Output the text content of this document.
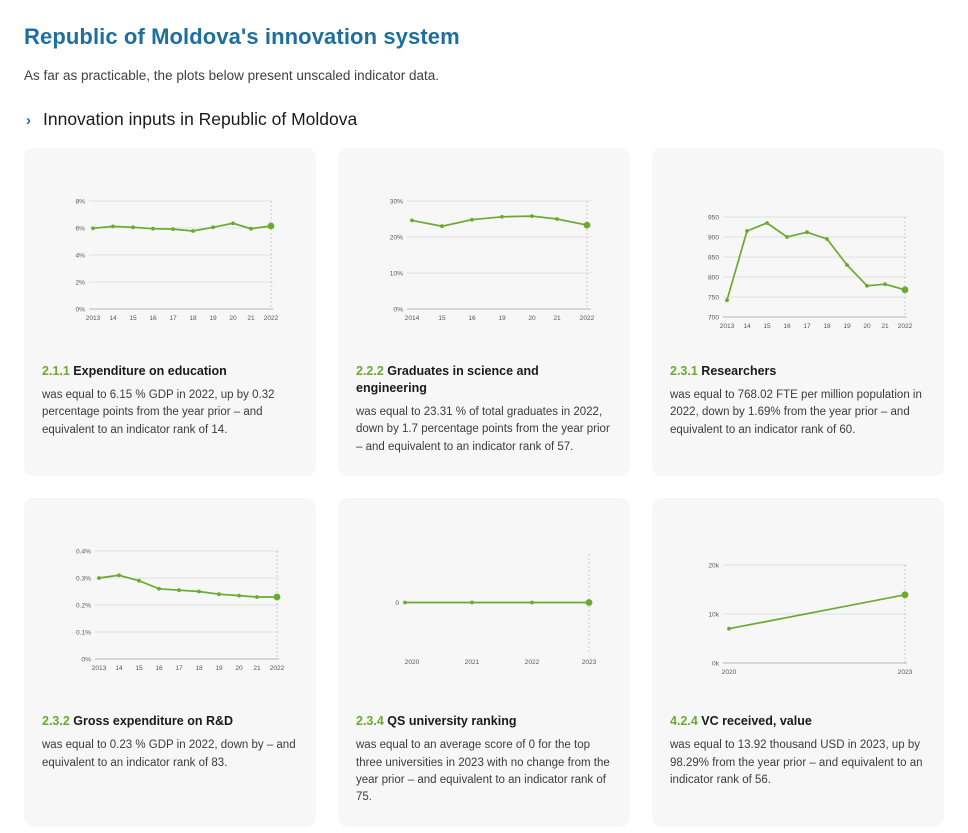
Republic of Moldova's innovation system

As far as practicable, the plots below present unscaled indicator data.

› Innovation inputs in Republic of Moldova
8%
6%
4%
2%
0%
2013 14 15 16 17 18 19 20 21 2022
2.1.1 Expenditure on education
was equal to 6.15 % GDP in 2022, up by 0.32 percentage points from the year prior – and equivalent to an indicator rank of 14.
30%
20%
10%
0%
2014	15	16	19	20	21	2022
2.2.2 Graduates in science and engineering
was equal to 23.31 % of total graduates in 2022, down by 1.7 percentage points from the year prior – and equivalent to an indicator rank of 57.
950
900
850
800
750
700
2013 14 15 16 17 18 19 20 21 2022
2.3.1 Researchers
was equal to 768.02 FTE per million population in 2022, down by 1.69% from the year prior – and equivalent to an indicator rank of 60.
0.4%
0.3%
0.2%
0.1%
0%
2013 14 15 16 17 18 19 20 21 2022
2.3.2 Gross expenditure on R&D
was equal to 0.23 % GDP in 2022, down by – and equivalent to an indicator rank of 83.
0
2020	2021	2022	2023
2.3.4 QS university ranking
was equal to an average score of 0 for the top three universities in 2023 with no change from the year prior – and equivalent to an indicator rank of 75.
20k
10k
0k
2020	2023
4.2.4 VC received, value
was equal to 13.92 thousand USD in 2023, up by 98.29% from the year prior – and equivalent to an indicator rank of 56.
